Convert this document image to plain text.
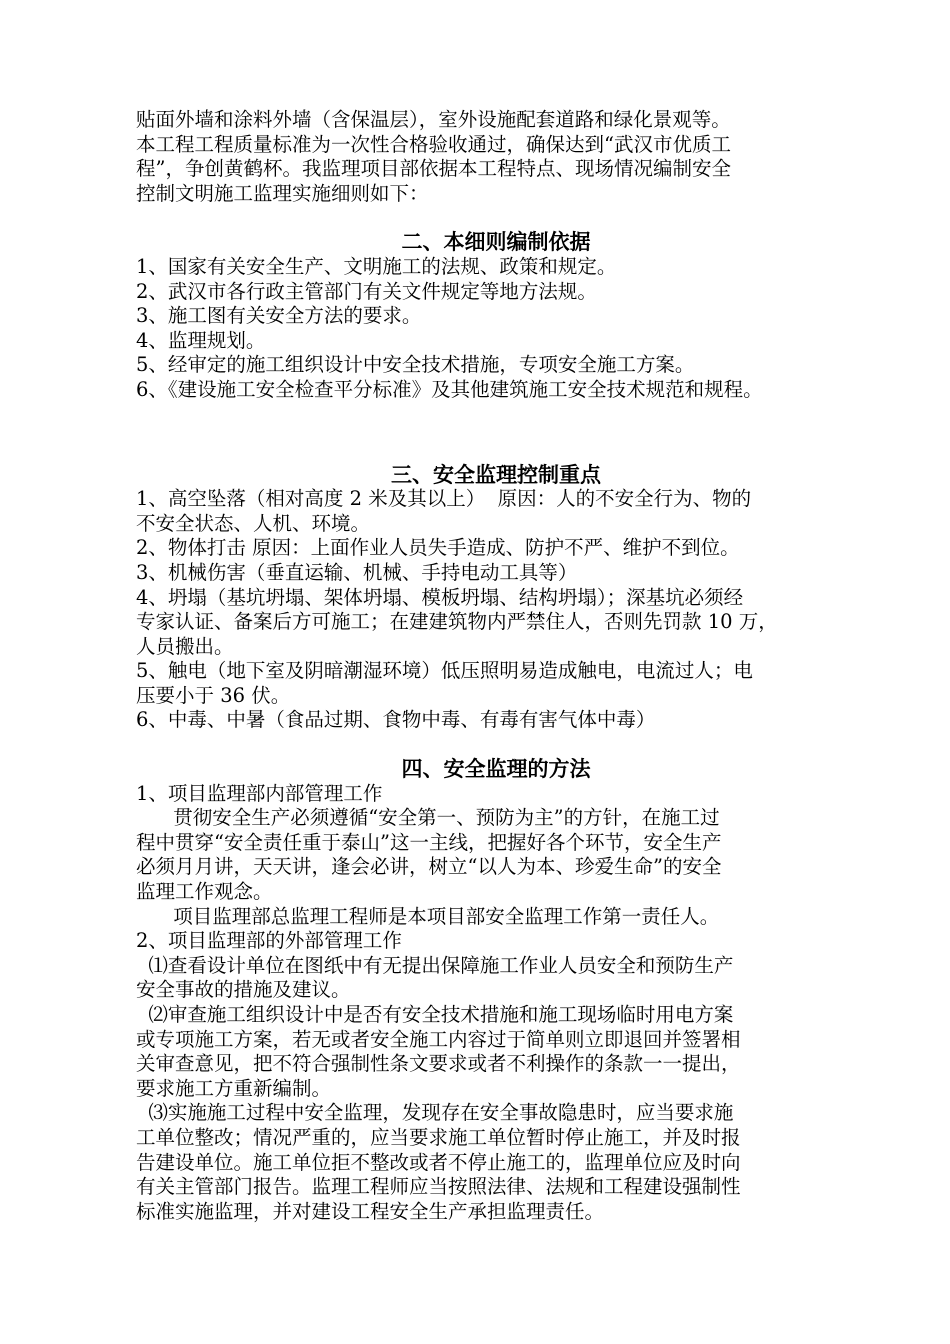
贴面外墙和涂料外墙（含保温层），室外设施配套道路和绿化景观等。
本工程工程质量标准为一次性合格验收通过，确保达到“武汉市优质工
程”，争创黄鹤杯。我监理项目部依据本工程特点、现场情况编制安全
控制文明施工监理实施细则如下：
二、本细则编制依据
1、国家有关安全生产、文明施工的法规、政策和规定。
2、武汉市各行政主管部门有关文件规定等地方法规。
3、施工图有关安全方法的要求。
4、监理规划。
5、经审定的施工组织设计中安全技术措施，专项安全施工方案。
6、《建设施工安全检查平分标准》及其他建筑施工安全技术规范和规程。
三、安全监理控制重点
1、高空坠落（相对高度 2 米及其以上）  原因：人的不安全行为、物的
不安全状态、人机、环境。
2、物体打击 原因：上面作业人员失手造成、防护不严、维护不到位。
3、机械伤害（垂直运输、机械、手持电动工具等）
4、坍塌（基坑坍塌、架体坍塌、模板坍塌、结构坍塌）；深基坑必须经
专家认证、备案后方可施工；在建建筑物内严禁住人，否则先罚款 10 万，
人员搬出。
5、触电（地下室及阴暗潮湿环境）低压照明易造成触电，电流过人；电
压要小于 36 伏。
6、中毒、中暑（食品过期、食物中毒、有毒有害气体中毒）
四、安全监理的方法
1、项目监理部内部管理工作
贯彻安全生产必须遵循“安全第一、预防为主”的方针，在施工过
程中贯穿“安全责任重于泰山”这一主线，把握好各个环节，安全生产
必须月月讲，天天讲，逢会必讲，树立“以人为本、珍爱生命”的安全
监理工作观念。
项目监理部总监理工程师是本项目部安全监理工作第一责任人。
2、项目监理部的外部管理工作
⑴查看设计单位在图纸中有无提出保障施工作业人员安全和预防生产
安全事故的措施及建议。
⑵审查施工组织设计中是否有安全技术措施和施工现场临时用电方案
或专项施工方案，若无或者安全施工内容过于简单则立即退回并签署相
关审查意见，把不符合强制性条文要求或者不利操作的条款一一提出，
要求施工方重新编制。
⑶实施施工过程中安全监理，发现存在安全事故隐患时，应当要求施
工单位整改；情况严重的，应当要求施工单位暂时停止施工，并及时报
告建设单位。施工单位拒不整改或者不停止施工的，监理单位应及时向
有关主管部门报告。监理工程师应当按照法律、法规和工程建设强制性
标准实施监理，并对建设工程安全生产承担监理责任。
